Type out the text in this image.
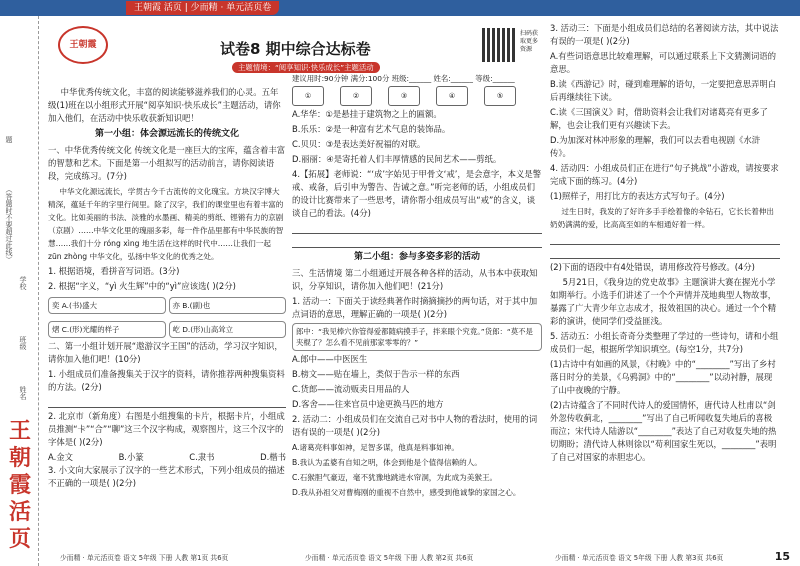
王朝霞 活页 | 少而精 · 单元活页卷
题
（答题时不要超过此线）
学校
班级
姓名
王朝霞活页
王朝霞	试卷8 期中综合达标卷
主题情境：“阅享知识·快乐成长”主题活动
建议用时:90分钟 满分:100分 班级:______ 姓名:______ 等级:______
扫码获取更多资源

中华优秀传统文化，丰富的阅读能够滋养我们的心灵。五年级(1)班在以小组形式开展“阅享知识·快乐成长”主题活动，请你加入他们，在活动中快乐收获新知识吧！

第一小组：体会源远流长的传统文化

一、中华优秀传统文化 传统文化是一座巨大的宝库，蕴含着丰富的智慧和艺术。下面是第一小组拟写的活动前言，请你阅读语段，完成练习。(7分)

中华文化源远流长，学贯古今千古流传的文化瑰宝。方块汉字博大精深，蕴延千年的字里行间里。除了汉字，我们的课堂里也有着丰富的文化。比如美丽的书法、淡雅的水墨画、精美的剪纸、铿锵有力的京剧（京剧）……中华文化里的瑰丽多彩，每一件作品里都有中华民族的智慧……我们十分 róng xìng 地生活在这样的时代中……让我们一起 zūn zhòng 中华文化，弘扬中华文化的优秀之处。

1. 根据语境，看拼音写词语。(3分)

2. 根据“字义，“yì 火生辉”中的“yì”应该选( )(2分)

奕 A.(书)盛大	亦 B.(副)也
熠 C.(形)光耀的样子	屹 D.(形)山高耸立

二、第一小组计划开展“遨游汉字王国”的活动，学习汉字知识，请你加入他们吧！(10分)

1. 小组成员们准备搜集关于汉字的资料，请你推荐两种搜集资料的方法。(2分)

2. 北京市（新角度）右图是小组搜集的卡片，根据卡片，小组成员推测“卡”“合”“聊”这三个汉字构成，观察图片，这三个汉字的字体是( )(2分)

A.金文	B.小篆	C.隶书	D.楷书

3. 小文向大家展示了汉字的一些艺术形式，下列小组成员的描述不正确的一项是( )(2分)

①	②	③	④	⑤

A.华华：①是悬挂于建筑物之上的匾额。

B.乐乐：②是一种富有艺术气息的装饰品。

C.贝贝：③是表达美好祝福的对联。

D.丽丽：④是寄托着人们丰厚情感的民间艺术——剪纸。

4.【拓展】老师说：“‘成’字始见于甲骨文‘戒’，是会意字，本义是警戒、戒备，后引申为警告、告诫之意。”听完老师的话，小组成员们的设计比赛带来了一些思考，请你帮小组成员写出“戒”的含义，谈谈自己的看法。(4分)

第二小组：参与多姿多彩的活动

三、生活情境 第二小组通过开展各种各样的活动，从书本中获取知识，分享知识，请你加入他们吧！(21分)

1. 活动一：下面关于读经典著作时摘摘摘抄的两句话，对于其中加点词语的意思，理解正确的一项是( )(2分)

郎中：“我见棒穴你管得爱都随病摸手子，拌来眼个究竟。”货郎：“莫不是夹棍了？怎么看不见前那家零零的？”

A.郎中——中医医生

B.榜文——贴在墙上，类似于告示一样的东西

C.货郎——流动贩卖日用品的人

D.客舍——往来官员中途更换马匹的地方

2. 活动二：小组成员们在交流自己对书中人物的看法时，使用的词语有误的一项是( )(2分)

A.诸葛亮料事如神，足智多谋，他真是料事如神。

B.我认为孟婆有自知之明，体会到他是个值得信赖的人。

C.石猴胆气豪迈，毫不犹豫地跳进水帘洞，为此成为美猴王。

D.我从孙祖父对曹梅刚的重视不自然中，感受到他诚挚的家国之心。

3. 活动三：下面是小组成员们总结的名著阅读方法，其中说法有误的一项是( )(2分)

A.有些词语意思比较难理解，可以通过联系上下文猜测词语的意思。

B.读《西游记》时，碰到难理解的语句，一定要把意思弄明白后再继续往下读。

C.读《三国演义》时，借助资料会让我们对诸葛亮有更多了解，也会让我们更有兴趣读下去。

D.为加深对林冲形象的理解，我们可以去看电视剧《水浒传》。

4. 活动四：小组成员们正在进行“句子挑战”小游戏，请按要求完成下面的练习。(4分)

(1)照样子，用打比方的表达方式写句子。(4分)

过生日时，我发的了好许多手手绘着像的伞钻石，它长长着伸出奶奶满满的爱，比高高至如的车相通好着一样。

(2)下面的语段中有4处错误，请用修改符号修改。(4分)

5月21日，《我身边的党史故事》主题演讲大赛在握光小学如期举行。小选手们讲述了一个个声情并茂地典型人物故事，暴露了广大青少年立志成才，报效祖国的决心。通过一个个精彩的演讲，使同学们受益匪浅。

5. 活动五：小组长奇奇分类整理了学过的一些诗句，请和小组成员们一起，根据所学知识填空。(每空1分，共7分)

(1)古诗中有如画的风景，《村晚》中的“________”写出了乡村落日时分的美景，《乌鸦洞》中的“________”以动衬静，展现了山中夜晚的宁静。

(2)古诗蕴含了不同时代诗人的爱国情怀，唐代诗人杜甫以“剑外忽传收蓟北，________”写出了自己听闻收复失地后的喜极而泣；宋代诗人陆游以“________”表达了自己对收复失地的热切期盼；清代诗人林则徐以“苟利国家生死以，________”表明了自己对国家的赤胆忠心。

少而精 · 单元活页卷 语文 5年级 下册 人教 第1页 共6页	少而精 · 单元活页卷 语文 5年级 下册 人教 第2页 共6页	少而精 · 单元活页卷 语文 5年级 下册 人教 第3页 共6页	15
